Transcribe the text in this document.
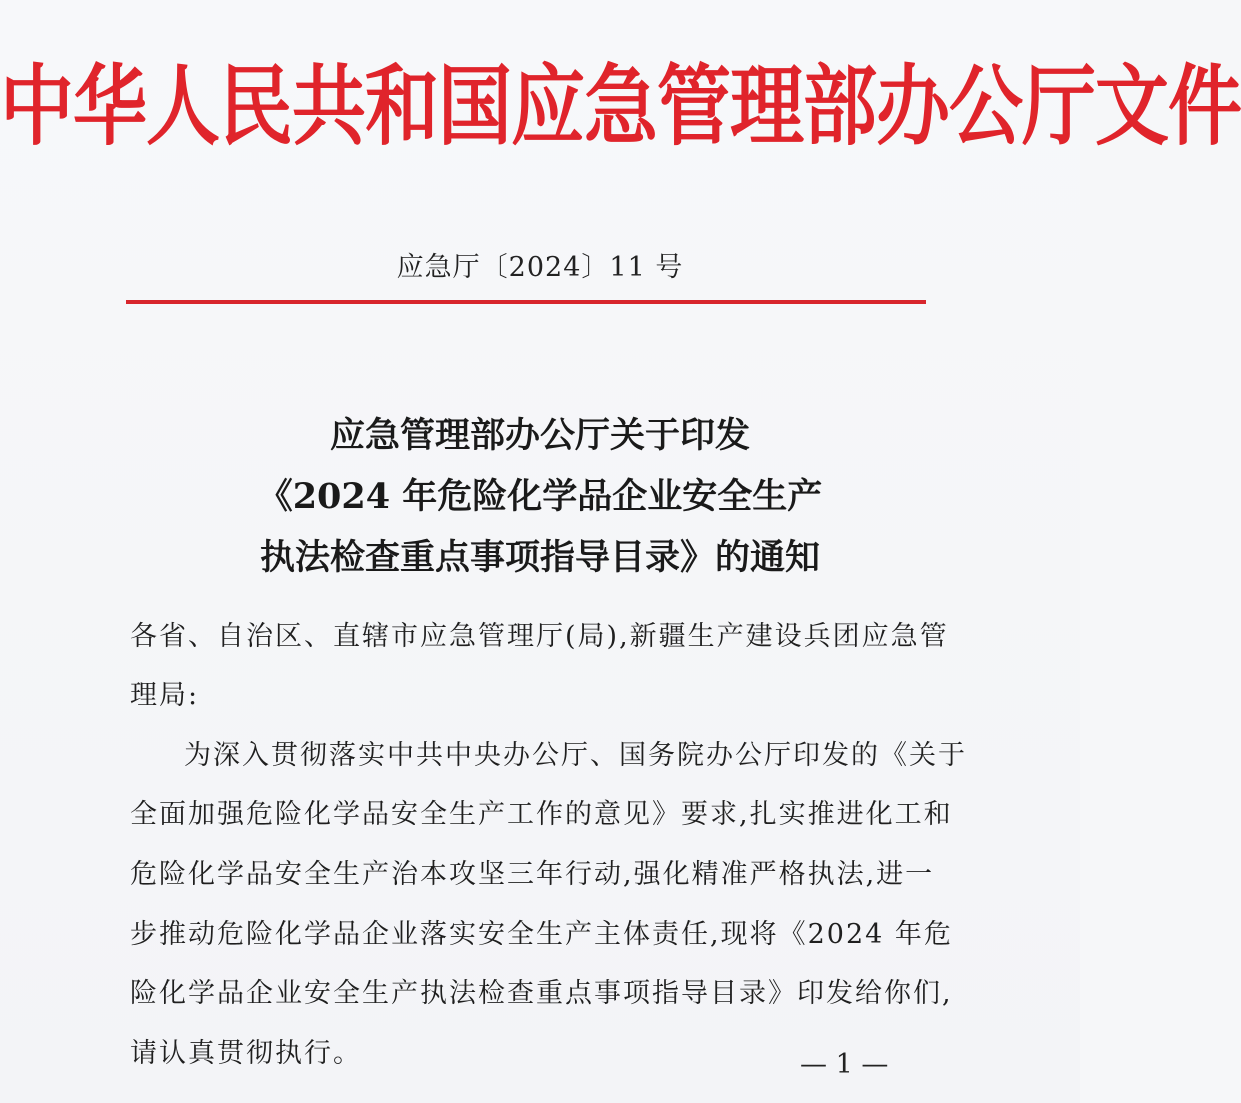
中华人民共和国应急管理部办公厅文件
应急厅〔2024〕11 号
应急管理部办公厅关于印发
《2024 年危险化学品企业安全生产
执法检查重点事项指导目录》的通知
各省、自治区、直辖市应急管理厅(局),新疆生产建设兵团应急管
理局:
为深入贯彻落实中共中央办公厅、国务院办公厅印发的《关于
全面加强危险化学品安全生产工作的意见》要求,扎实推进化工和
危险化学品安全生产治本攻坚三年行动,强化精准严格执法,进一
步推动危险化学品企业落实安全生产主体责任,现将《2024 年危
险化学品企业安全生产执法检查重点事项指导目录》印发给你们,
请认真贯彻执行。	— 1 —
